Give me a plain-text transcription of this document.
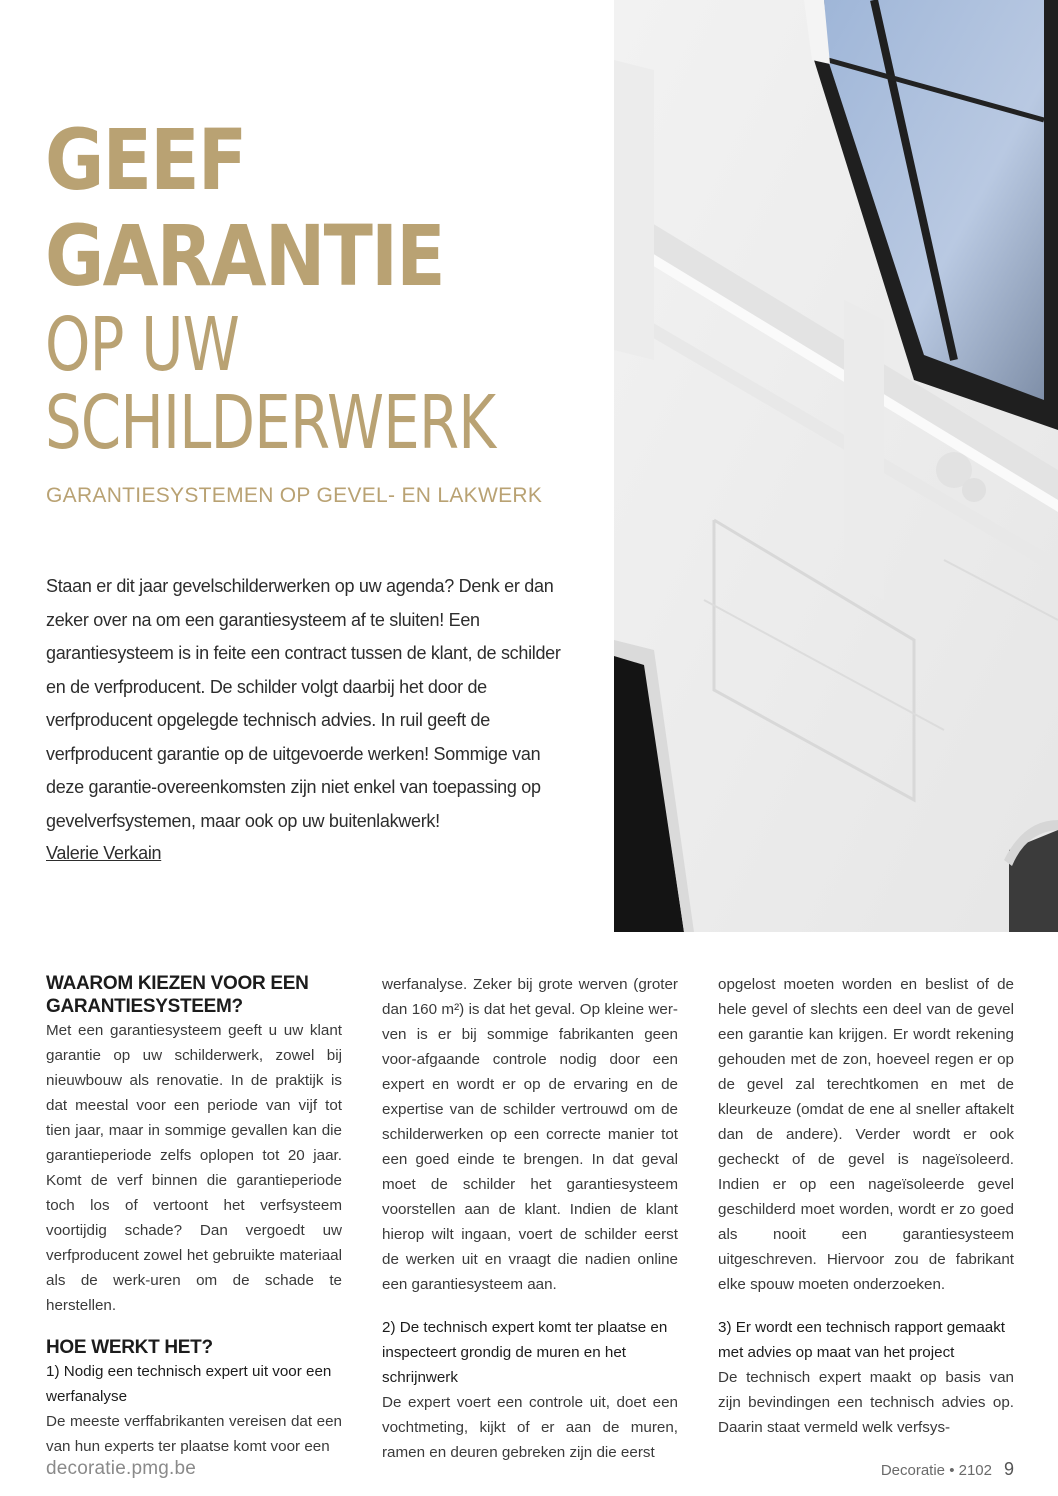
GEEF
GARANTIE
OP UW
SCHILDERWERK
GARANTIESYSTEMEN OP GEVEL- EN LAKWERK
Staan er dit jaar gevelschilderwerken op uw agenda? Denk er dan zeker over na om een garantiesysteem af te sluiten! Een garantiesysteem is in feite een contract tussen de klant, de schilder en de verfproducent. De schilder volgt daarbij het door de verfproducent opgelegde technisch advies. In ruil geeft de verfproducent garantie op de uitgevoerde werken! Sommige van deze garantie-overeenkomsten zijn niet enkel van toepassing op gevelverfsystemen, maar ook op uw buitenlakwerk!
Valerie Verkain
WAAROM KIEZEN VOOR EEN GARANTIESYSTEEM?

Met een garantiesysteem geeft u uw klant garantie op uw schilderwerk, zowel bij nieuwbouw als renovatie. In de praktijk is dat meestal voor een periode van vijf tot tien jaar, maar in sommige gevallen kan die garantieperiode zelfs oplopen tot 20 jaar. Komt de verf binnen die garantieperiode toch los of vertoont het verfsysteem voortijdig schade? Dan vergoedt uw verfproducent zowel het gebruikte materiaal als de werk-uren om de schade te herstellen.

HOE WERKT HET?
1) Nodig een technisch expert uit voor een werfanalyse

De meeste verffabrikanten vereisen dat een van hun experts ter plaatse komt voor een

werfanalyse. Zeker bij grote werven (groter dan 160 m²) is dat het geval. Op kleine wer-ven is er bij sommige fabrikanten geen voor-afgaande controle nodig door een expert en wordt er op de ervaring en de expertise van de schilder vertrouwd om de schilderwerken op een correcte manier tot een goed einde te brengen. In dat geval moet de schilder het garantiesysteem voorstellen aan de klant. Indien de klant hierop wilt ingaan, voert de schilder eerst de werken uit en vraagt die nadien online een garantiesysteem aan.

2) De technisch expert komt ter plaatse en inspecteert grondig de muren en het schrijnwerk

De expert voert een controle uit, doet een vochtmeting, kijkt of er aan de muren, ramen en deuren gebreken zijn die eerst

opgelost moeten worden en beslist of de hele gevel of slechts een deel van de gevel een garantie kan krijgen. Er wordt rekening gehouden met de zon, hoeveel regen er op de gevel zal terechtkomen en met de kleurkeuze (omdat de ene al sneller aftakelt dan de andere). Verder wordt er ook gecheckt of de gevel is nageïsoleerd. Indien er op een nageïsoleerde gevel geschilderd moet worden, wordt er zo goed als nooit een garantiesysteem uitgeschreven. Hiervoor zou de fabrikant elke spouw moeten onderzoeken.

3) Er wordt een technisch rapport gemaakt met advies op maat van het project

De technisch expert maakt op basis van zijn bevindingen een technisch advies op. Daarin staat vermeld welk verfsys-

decoratie.pmg.be	Decoratie • 2102 9
